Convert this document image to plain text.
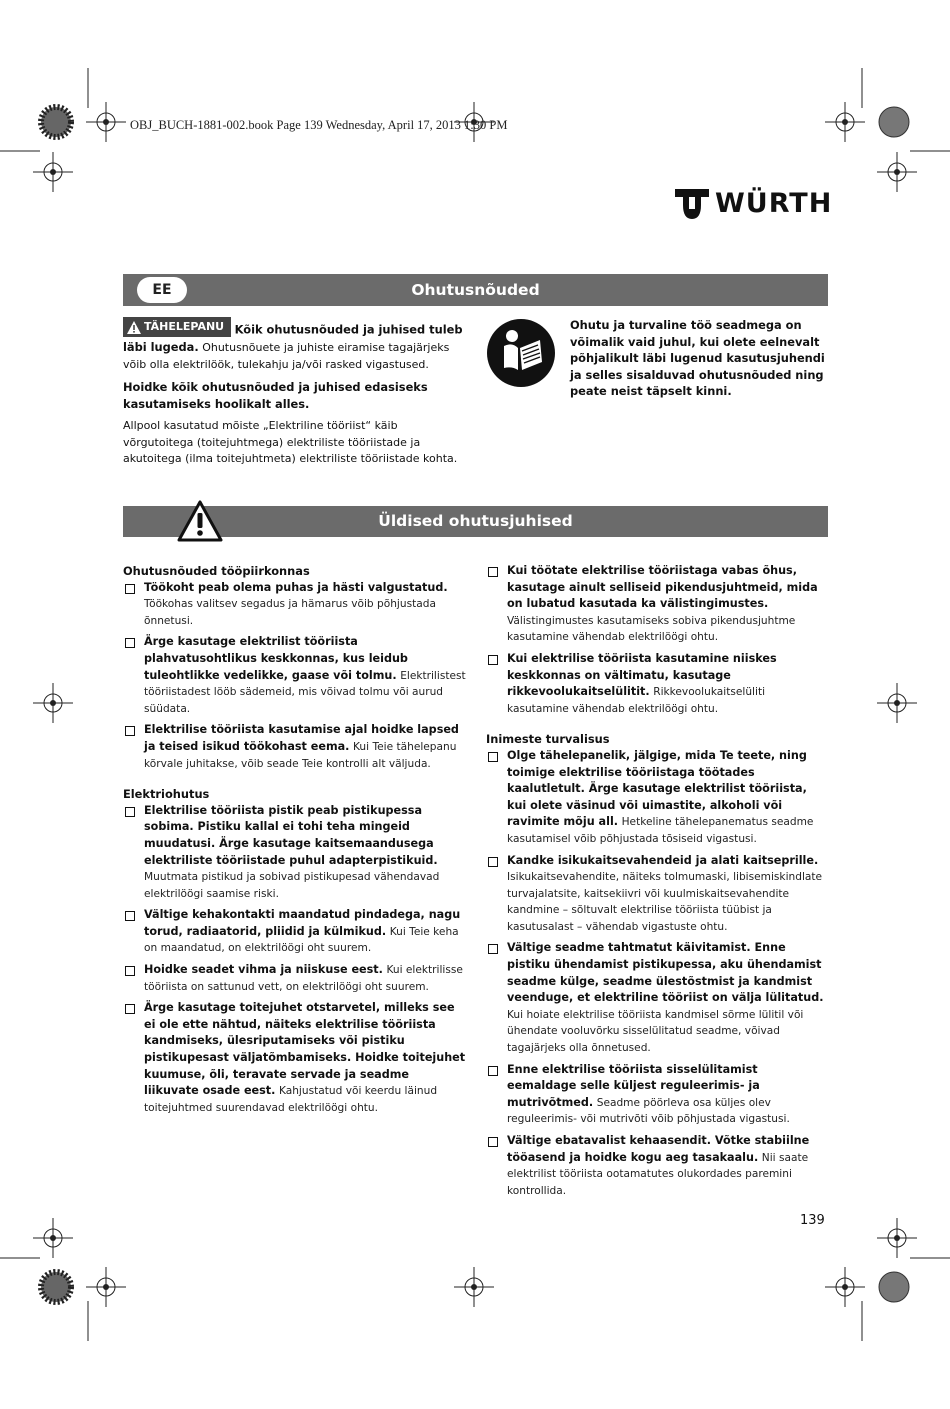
OBJ_BUCH-1881-002.book Page 139 Wednesday, April 17, 2013 1:30 PM
WÜRTH
Ohutusnõuded
EE

TÄHELEPANU Kõik ohutusnõuded ja juhised tuleb läbi lugeda. Ohutusnõuete ja juhiste eiramise tagajärjeks võib olla elektrilöök, tulekahju ja/või rasked vigastused.

Hoidke kõik ohutusnõuded ja juhised edasiseks kasutamiseks hoolikalt alles.

Allpool kasutatud mõiste „Elektriline tööriist“ käib võrgutoitega (toitejuhtmega) elektriliste tööriistade ja akutoitega (ilma toitejuhtmeta) elektriliste tööriistade kohta.

Ohutu ja turvaline töö seadmega on võimalik vaid juhul, kui olete eelnevalt põhjalikult läbi lugenud kasutusjuhendi ja selles sisalduvad ohutusnõuded ning peate neist täpselt kinni.
Üldised ohutusjuhised

Ohutusnõuded tööpiirkonnas

Töökoht peab olema puhas ja hästi valgustatud. Töökohas valitsev segadus ja hämarus võib põhjustada õnnetusi.
Ärge kasutage elektrilist tööriista plahvatusohtlikus keskkonnas, kus leidub tuleohtlikke vedelikke, gaase või tolmu. Elektrilistest tööriistadest lööb sädemeid, mis võivad tolmu või aurud süüdata.
Elektrilise tööriista kasutamise ajal hoidke lapsed ja teised isikud töökohast eema. Kui Teie tähelepanu kõrvale juhitakse, võib seade Teie kontrolli alt väljuda.

Elektriohutus

Elektrilise tööriista pistik peab pistikupessa sobima. Pistiku kallal ei tohi teha mingeid muudatusi. Ärge kasutage kaitsemaandusega elektriliste tööriistade puhul adapterpistikuid. Muutmata pistikud ja sobivad pistikupesad vähendavad elektrilöögi saamise riski.
Vältige kehakontakti maandatud pindadega, nagu torud, radiaatorid, pliidid ja külmikud. Kui Teie keha on maandatud, on elektrilöögi oht suurem.
Hoidke seadet vihma ja niiskuse eest. Kui elektrilisse tööriista on sattunud vett, on elektrilöögi oht suurem.
Ärge kasutage toitejuhet otstarvetel, milleks see ei ole ette nähtud, näiteks elektrilise tööriista kandmiseks, ülesriputamiseks või pistiku pistikupesast väljatõmbamiseks. Hoidke toitejuhet kuumuse, õli, teravate servade ja seadme liikuvate osade eest. Kahjustatud või keerdu läinud toitejuhtmed suurendavad elektrilöögi ohtu.
Kui töötate elektrilise tööriistaga vabas õhus, kasutage ainult selliseid pikendusjuhtmeid, mida on lubatud kasutada ka välistingimustes. Välistingimustes kasutamiseks sobiva pikendusjuhtme kasutamine vähendab elektrilöögi ohtu.
Kui elektrilise tööriista kasutamine niiskes keskkonnas on vältimatu, kasutage rikkevoolukaitselülitit. Rikkevoolukaitselüliti kasutamine vähendab elektrilöögi ohtu.

Inimeste turvalisus

Olge tähelepanelik, jälgige, mida Te teete, ning toimige elektrilise tööriistaga töötades kaalutletult. Ärge kasutage elektrilist tööriista, kui olete väsinud või uimastite, alkoholi või ravimite mõju all. Hetkeline tähelepanematus seadme kasutamisel võib põhjustada tõsiseid vigastusi.
Kandke isikukaitsevahendeid ja alati kaitseprille. Isikukaitsevahendite, näiteks tolmumaski, libisemiskindlate turvajalatsite, kaitsekiivri või kuulmiskaitsevahendite kandmine – sõltuvalt elektrilise tööriista tüübist ja kasutusalast – vähendab vigastuste ohtu.
Vältige seadme tahtmatut käivitamist. Enne pistiku ühendamist pistikupessa, aku ühendamist seadme külge, seadme ülestõstmist ja kandmist veenduge, et elektriline tööriist on välja lülitatud. Kui hoiate elektrilise tööriista kandmisel sõrme lülitil või ühendate vooluvõrku sisselülitatud seadme, võivad tagajärjeks olla õnnetused.
Enne elektrilise tööriista sisselülitamist eemaldage selle küljest reguleerimis- ja mutrivõtmed. Seadme pöörleva osa küljes olev reguleerimis- või mutrivõti võib põhjustada vigastusi.
Vältige ebatavalist kehaasendit. Võtke stabiilne tööasend ja hoidke kogu aeg tasakaalu. Nii saate elektrilist tööriista ootamatutes olukordades paremini kontrollida.
139
